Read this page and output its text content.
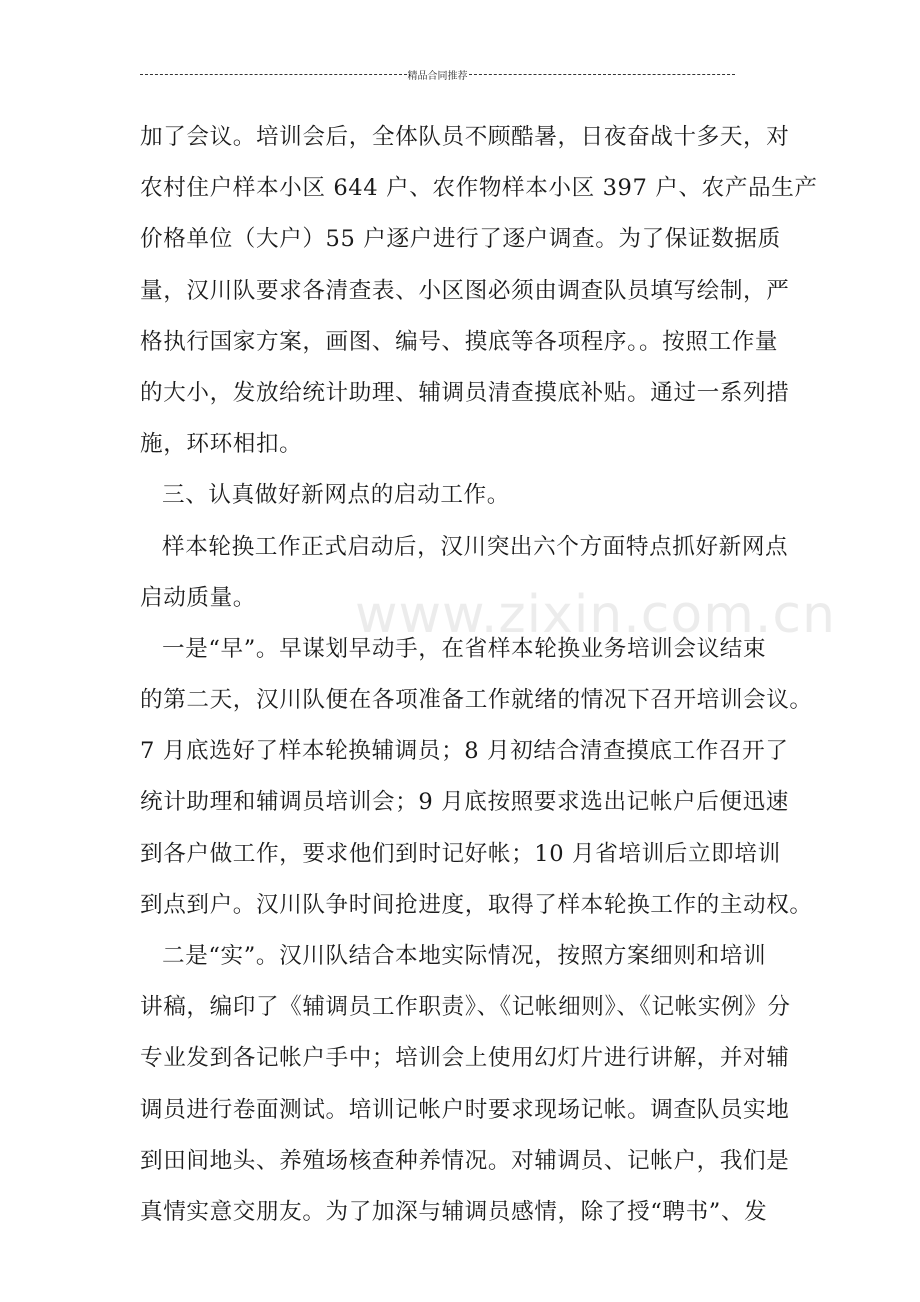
精品合同推荐
www.zixin.com.cn
加了会议。培训会后，全体队员不顾酷暑，日夜奋战十多天，对
农村住户样本小区 644 户、农作物样本小区 397 户、农产品生产
价格单位（大户）55 户逐户进行了逐户调查。为了保证数据质
量，汉川队要求各清查表、小区图必须由调查队员填写绘制，严
格执行国家方案，画图、编号、摸底等各项程序。。按照工作量
的大小，发放给统计助理、辅调员清查摸底补贴。通过一系列措
施，环环相扣。
三、认真做好新网点的启动工作。
样本轮换工作正式启动后，汉川突出六个方面特点抓好新网点
启动质量。
一是“早”。早谋划早动手，在省样本轮换业务培训会议结束
的第二天，汉川队便在各项准备工作就绪的情况下召开培训会议。
7 月底选好了样本轮换辅调员；8 月初结合清查摸底工作召开了
统计助理和辅调员培训会；9 月底按照要求选出记帐户后便迅速
到各户做工作，要求他们到时记好帐；10 月省培训后立即培训
到点到户。汉川队争时间抢进度，取得了样本轮换工作的主动权。
二是“实”。汉川队结合本地实际情况，按照方案细则和培训
讲稿，编印了《辅调员工作职责》、《记帐细则》、《记帐实例》分
专业发到各记帐户手中；培训会上使用幻灯片进行讲解，并对辅
调员进行卷面测试。培训记帐户时要求现场记帐。调查队员实地
到田间地头、养殖场核查种养情况。对辅调员、记帐户，我们是
真情实意交朋友。为了加深与辅调员感情，除了授“聘书”、发
